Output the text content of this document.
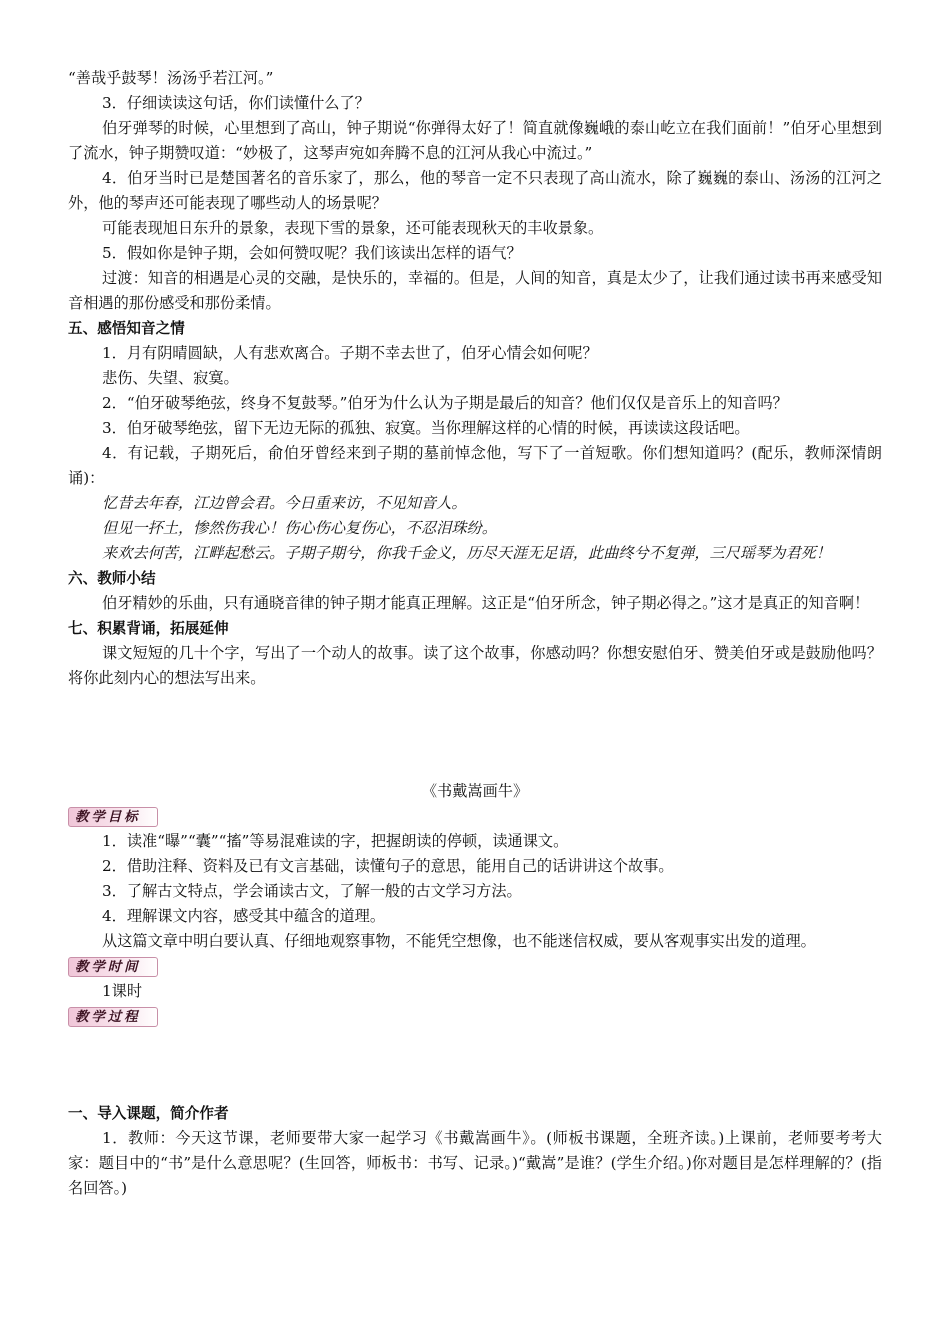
“善哉乎鼓琴！汤汤乎若江河。”

3．仔细读读这句话，你们读懂什么了？

伯牙弹琴的时候，心里想到了高山，钟子期说“你弹得太好了！简直就像巍峨的泰山屹立在我们面前！”伯牙心里想到了流水，钟子期赞叹道：“妙极了，这琴声宛如奔腾不息的江河从我心中流过。”

4．伯牙当时已是楚国著名的音乐家了，那么，他的琴音一定不只表现了高山流水，除了巍巍的泰山、汤汤的江河之外，他的琴声还可能表现了哪些动人的场景呢？

可能表现旭日东升的景象，表现下雪的景象，还可能表现秋天的丰收景象。

5．假如你是钟子期，会如何赞叹呢？我们该读出怎样的语气？

过渡：知音的相遇是心灵的交融，是快乐的，幸福的。但是，人间的知音，真是太少了，让我们通过读书再来感受知音相遇的那份感受和那份柔情。

五、感悟知音之情

1．月有阴晴圆缺，人有悲欢离合。子期不幸去世了，伯牙心情会如何呢？

悲伤、失望、寂寞。

2．“伯牙破琴绝弦，终身不复鼓琴。”伯牙为什么认为子期是最后的知音？他们仅仅是音乐上的知音吗？

3．伯牙破琴绝弦，留下无边无际的孤独、寂寞。当你理解这样的心情的时候，再读读这段话吧。

4．有记载，子期死后，俞伯牙曾经来到子期的墓前悼念他，写下了一首短歌。你们想知道吗？(配乐，教师深情朗诵)：

忆昔去年春，江边曾会君。今日重来访，不见知音人。

但见一抔土，惨然伤我心！伤心伤心复伤心，不忍泪珠纷。

来欢去何苦，江畔起愁云。子期子期兮，你我千金义，历尽天涯无足语，此曲终兮不复弹，三尺瑶琴为君死！

六、教师小结

伯牙精妙的乐曲，只有通晓音律的钟子期才能真正理解。这正是“伯牙所念，钟子期必得之。”这才是真正的知音啊！

七、积累背诵，拓展延伸

课文短短的几十个字，写出了一个动人的故事。读了这个故事，你感动吗？你想安慰伯牙、赞美伯牙或是鼓励他吗？将你此刻内心的想法写出来。

《书戴嵩画牛》

教学目标

1．读准“曝”“囊”“搐”等易混难读的字，把握朗读的停顿，读通课文。

2．借助注释、资料及已有文言基础，读懂句子的意思，能用自己的话讲讲这个故事。

3．了解古文特点，学会诵读古文，了解一般的古文学习方法。

4．理解课文内容，感受其中蕴含的道理。

从这篇文章中明白要认真、仔细地观察事物，不能凭空想像，也不能迷信权威，要从客观事实出发的道理。

教学时间

1课时

教学过程

一、导入课题，简介作者

1．教师：今天这节课，老师要带大家一起学习《书戴嵩画牛》。(师板书课题，全班齐读。)上课前，老师要考考大家：题目中的“书”是什么意思呢？(生回答，师板书：书写、记录。)“戴嵩”是谁？(学生介绍。)你对题目是怎样理解的？(指名回答。)
